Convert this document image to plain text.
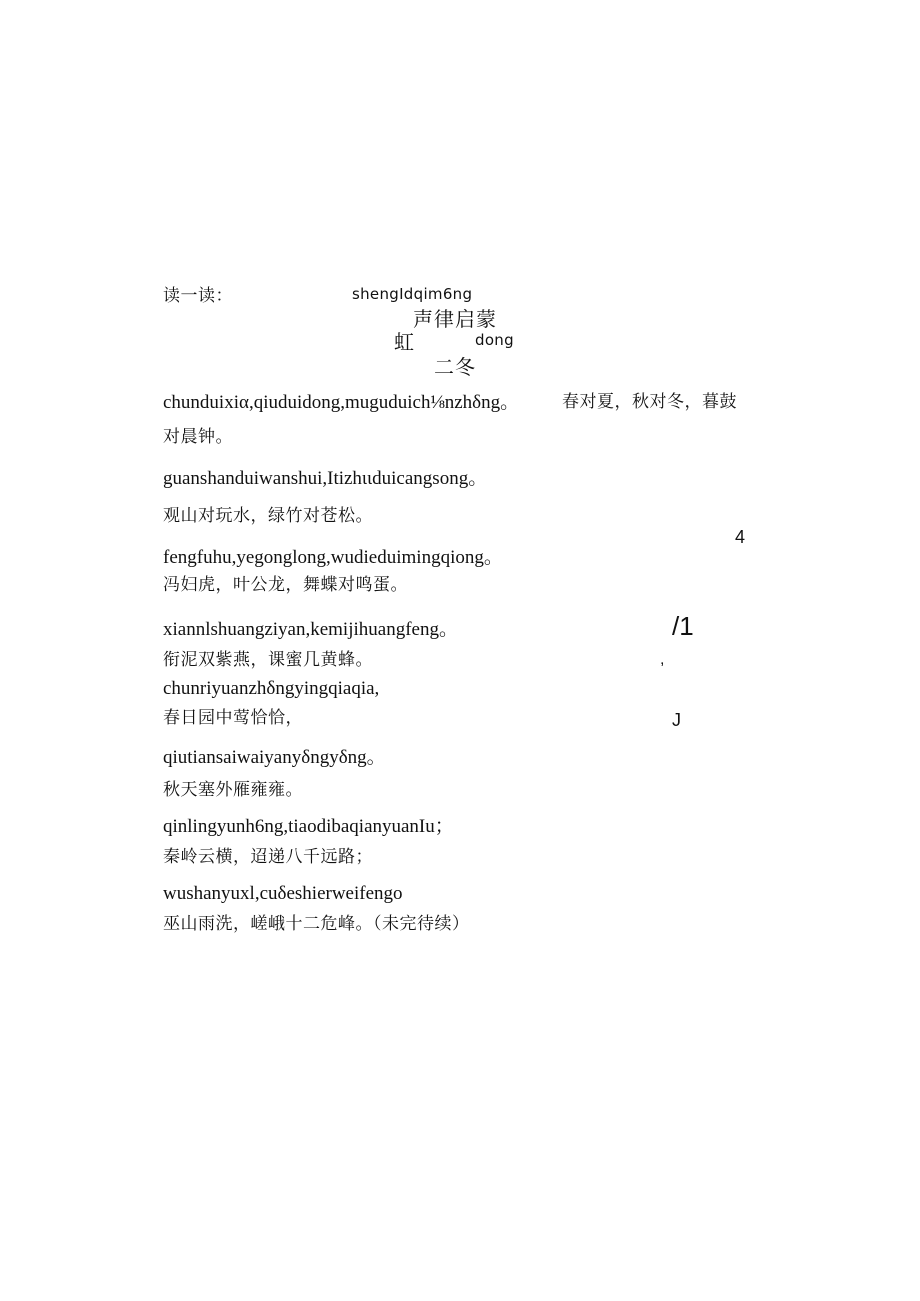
读一读：	shengIdqim6ng
声律启蒙
虹	dong
二冬
chunduixiα,qiuduidong,muguduich⅛nzhδng。	春对夏，秋对冬，暮鼓
对晨钟。
guanshanduiwanshui,Itizhιιduicangsong。
观山对玩水，绿竹对苍松。
4
fengfuhu,yegonglong,wudieduimingqiong。
冯妇虎，叶公龙，舞蝶对鸣蛋。
xiannlshuangziyan,kemijihuangfeng。	/1
衔泥双紫燕，课蜜几黄蜂。	,
chunriyuanzhδngyingqiaqia,
春日园中莺恰恰，	J
qiutiansaiwaiyanyδngyδng。
秋天塞外雁雍雍。
qinlingyunh6ng,tiaodibaqianyuanIu；
秦岭云横，迢递八千远路；
wushanyuxl,cuδeshierweifengo
巫山雨洗，嵯峨十二危峰。（未完待续）
